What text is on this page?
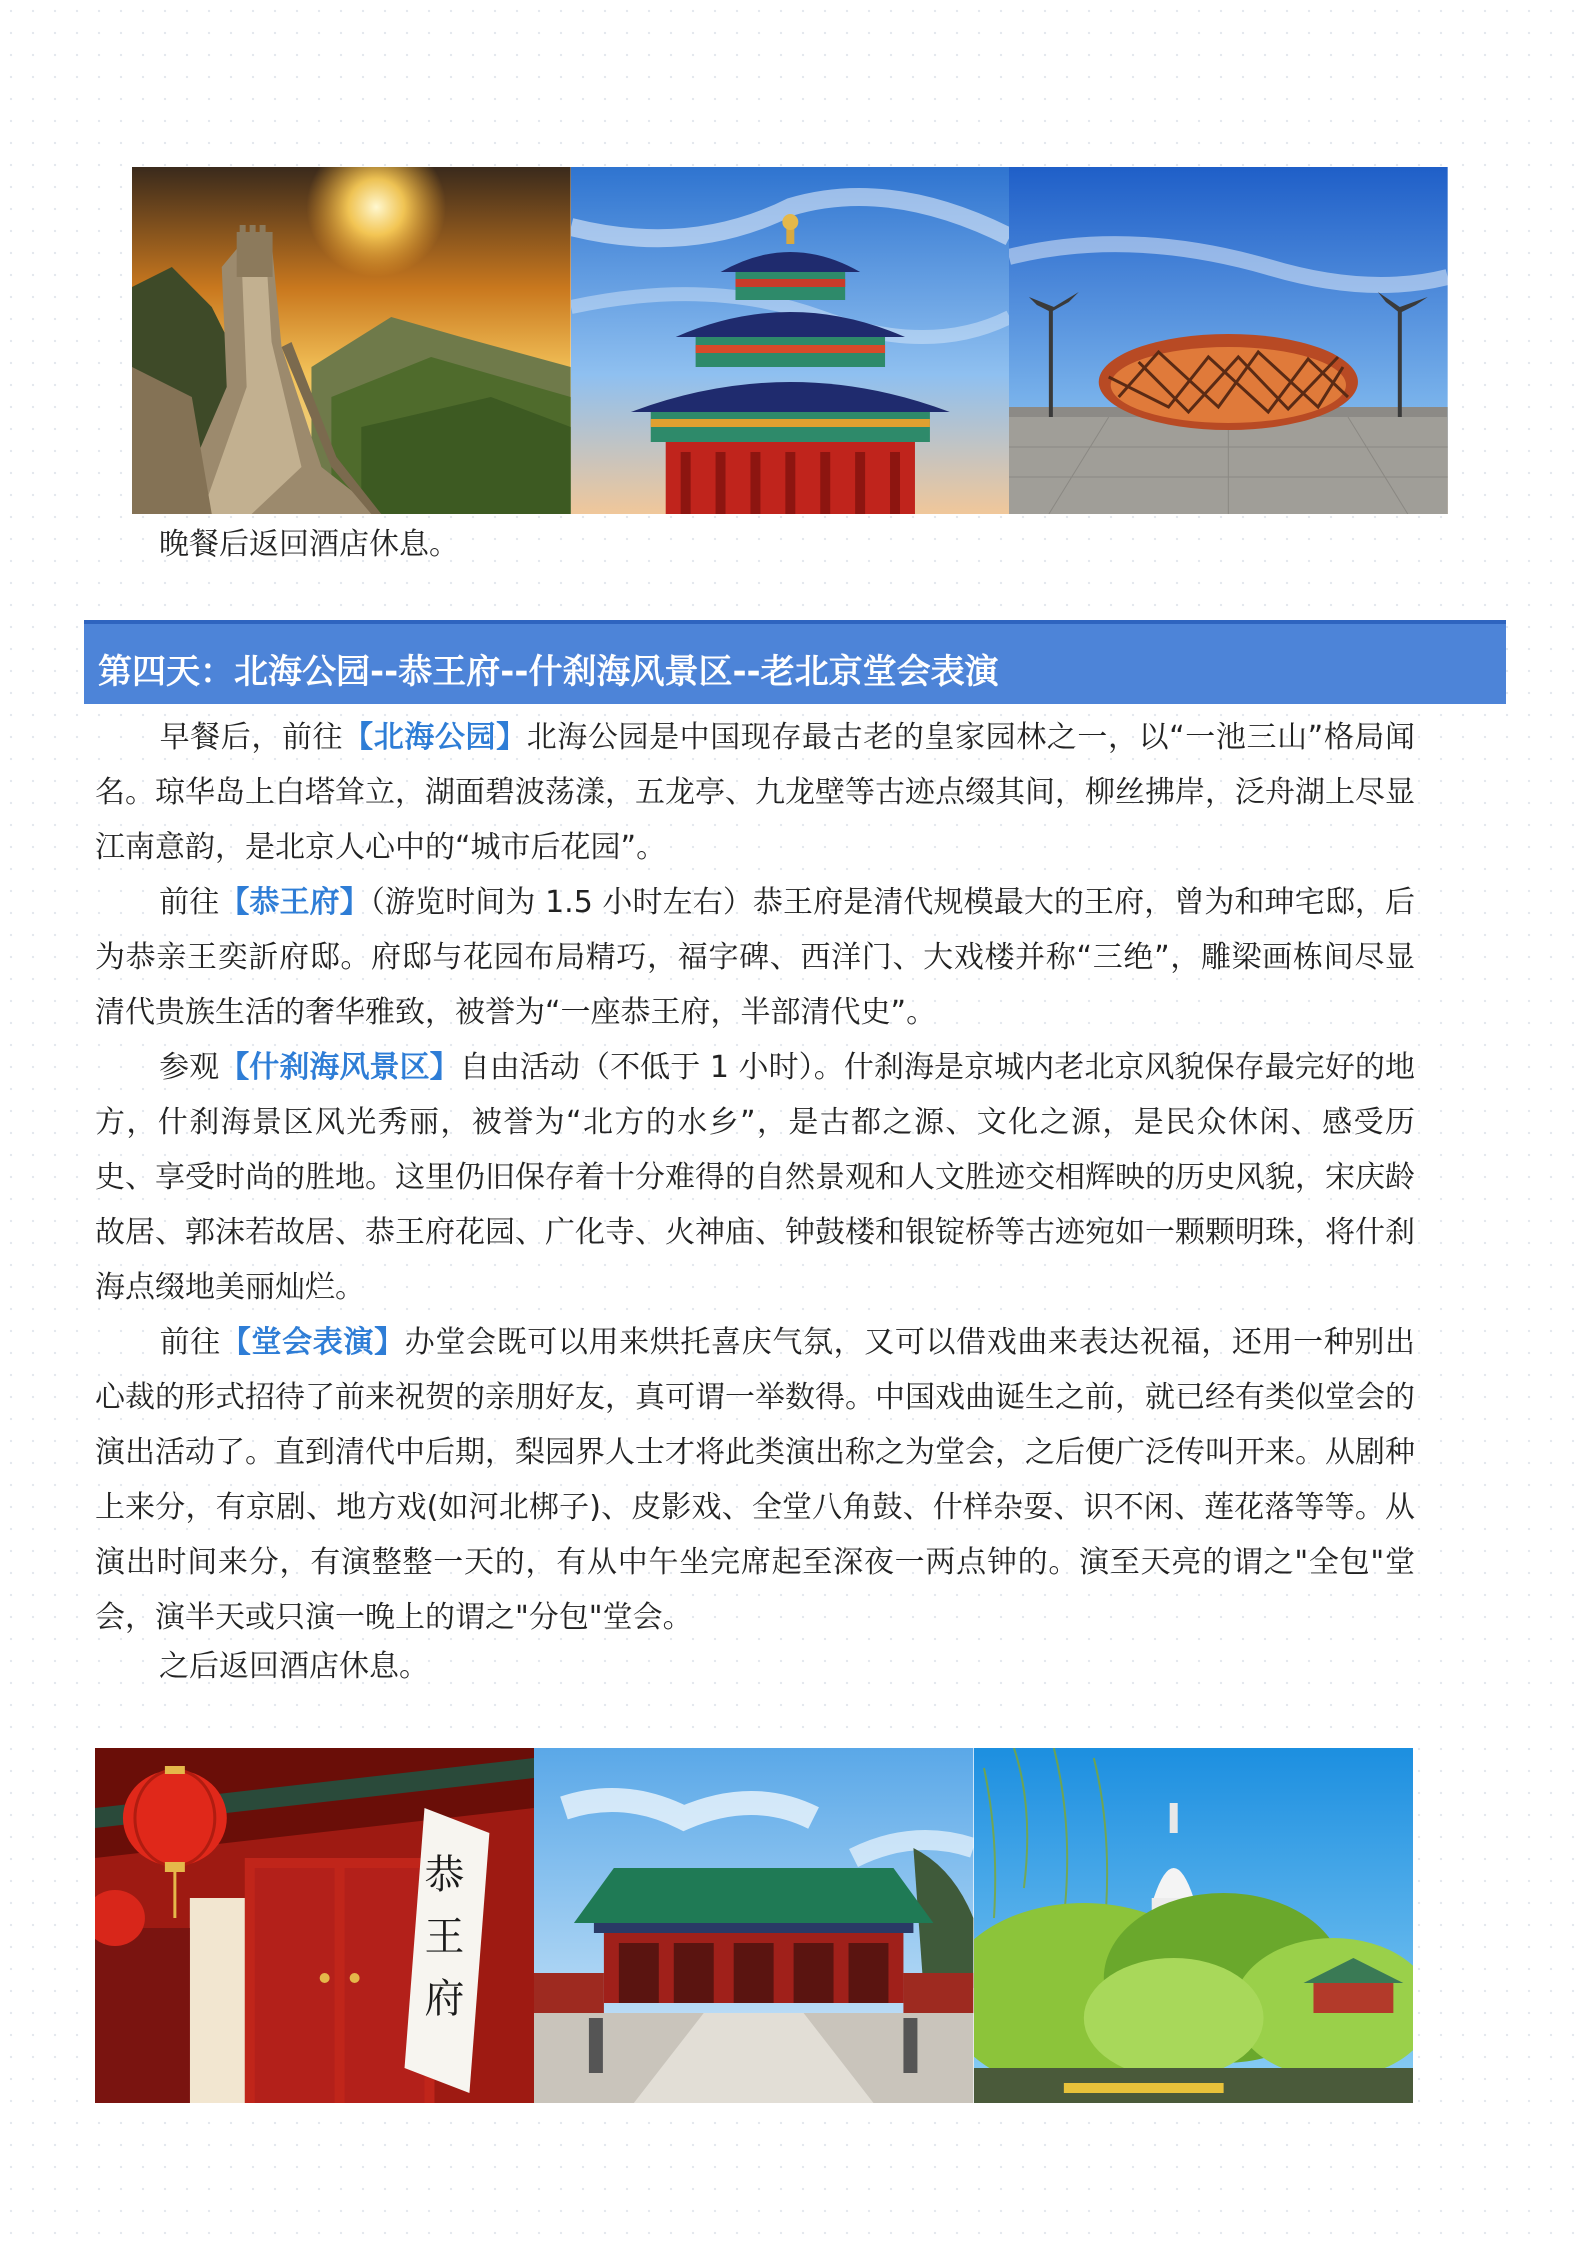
晚餐后返回酒店休息。
第四天：北海公园--恭王府--什刹海风景区--老北京堂会表演

早餐后，前往【北海公园】北海公园是中国现存最古老的皇家园林之一，以“一池三山”格局闻名。琼华岛上白塔耸立，湖面碧波荡漾，五龙亭、九龙壁等古迹点缀其间，柳丝拂岸，泛舟湖上尽显江南意韵，是北京人心中的“城市后花园”。

前往【恭王府】（游览时间为 1.5 小时左右）恭王府是清代规模最大的王府，曾为和珅宅邸，后为恭亲王奕訢府邸。府邸与花园布局精巧，福字碑、西洋门、大戏楼并称“三绝”，雕梁画栋间尽显清代贵族生活的奢华雅致，被誉为“一座恭王府，半部清代史”。

参观【什刹海风景区】自由活动（不低于 1 小时）。什刹海是京城内老北京风貌保存最完好的地方，什刹海景区风光秀丽，被誉为“北方的水乡”，是古都之源、文化之源，是民众休闲、感受历史、享受时尚的胜地。这里仍旧保存着十分难得的自然景观和人文胜迹交相辉映的历史风貌，宋庆龄故居、郭沫若故居、恭王府花园、广化寺、火神庙、钟鼓楼和银锭桥等古迹宛如一颗颗明珠，将什刹海点缀地美丽灿烂。

前往【堂会表演】办堂会既可以用来烘托喜庆气氛，又可以借戏曲来表达祝福，还用一种别出心裁的形式招待了前来祝贺的亲朋好友，真可谓一举数得。中国戏曲诞生之前，就已经有类似堂会的演出活动了。直到清代中后期，梨园界人士才将此类演出称之为堂会，之后便广泛传叫开来。从剧种上来分，有京剧、地方戏(如河北梆子)、皮影戏、全堂八角鼓、什样杂耍、识不闲、莲花落等等。从演出时间来分，有演整整一天的，有从中午坐完席起至深夜一两点钟的。演至天亮的谓之"全包"堂会，演半天或只演一晚上的谓之"分包"堂会。

之后返回酒店休息。
恭王府
